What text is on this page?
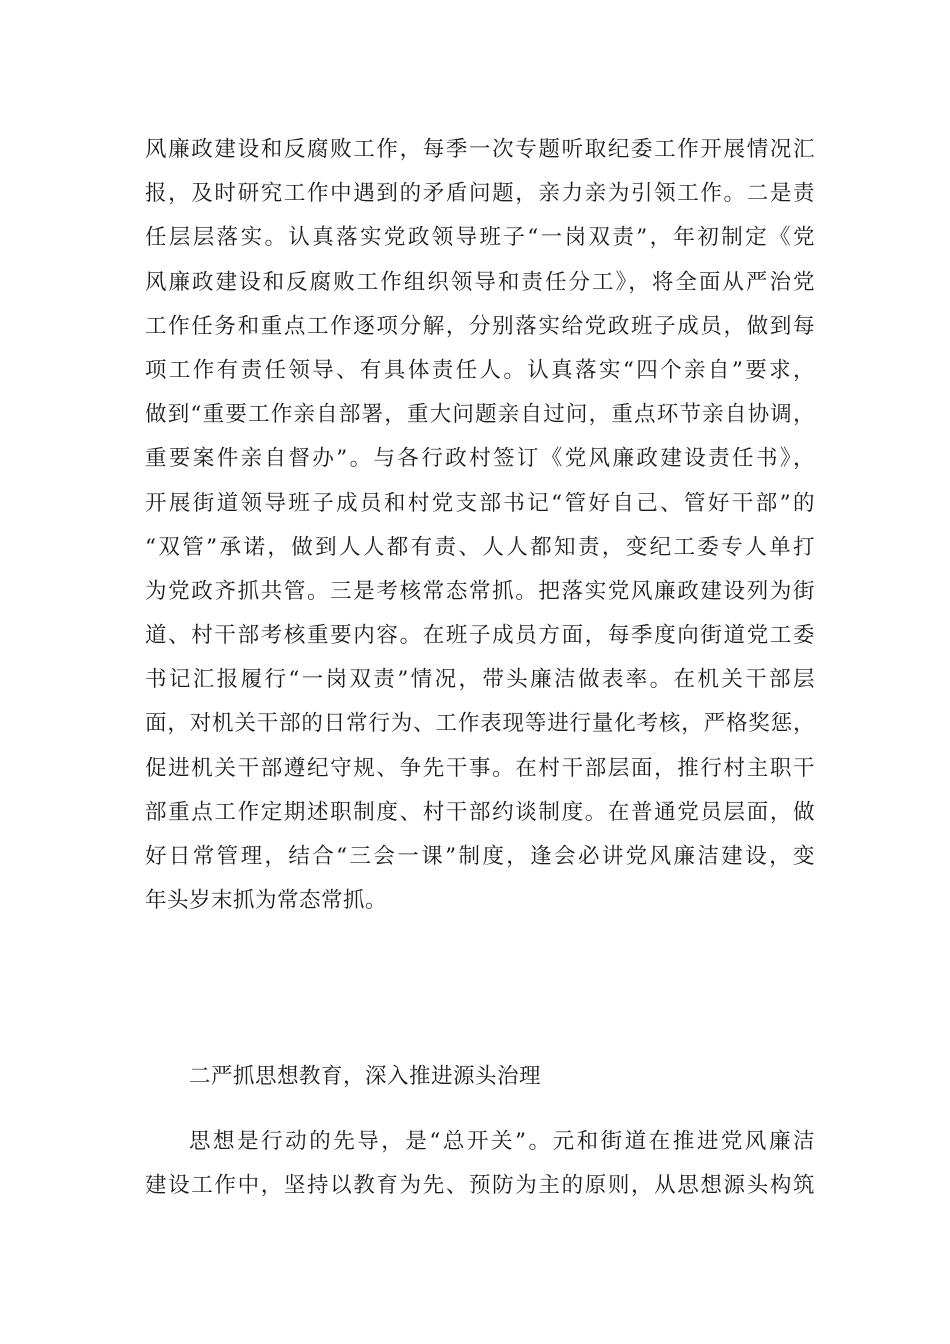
风廉政建设和反腐败工作，每季一次专题听取纪委工作开展情况汇
报，及时研究工作中遇到的矛盾问题，亲力亲为引领工作。二是责
任层层落实。认真落实党政领导班子“一岗双责”，年初制定《党
风廉政建设和反腐败工作组织领导和责任分工》，将全面从严治党
工作任务和重点工作逐项分解，分别落实给党政班子成员，做到每
项工作有责任领导、有具体责任人。认真落实“四个亲自”要求，
做到“重要工作亲自部署，重大问题亲自过问，重点环节亲自协调，
重要案件亲自督办”。与各行政村签订《党风廉政建设责任书》，
开展街道领导班子成员和村党支部书记“管好自己、管好干部”的
“双管”承诺，做到人人都有责、人人都知责，变纪工委专人单打
为党政齐抓共管。三是考核常态常抓。把落实党风廉政建设列为街
道、村干部考核重要内容。在班子成员方面，每季度向街道党工委
书记汇报履行“一岗双责”情况，带头廉洁做表率。在机关干部层
面，对机关干部的日常行为、工作表现等进行量化考核，严格奖惩，
促进机关干部遵纪守规、争先干事。在村干部层面，推行村主职干
部重点工作定期述职制度、村干部约谈制度。在普通党员层面，做
好日常管理，结合“三会一课”制度，逢会必讲党风廉洁建设，变
年头岁末抓为常态常抓。
二严抓思想教育，深入推进源头治理
思想是行动的先导，是“总开关”。元和街道在推进党风廉洁
建设工作中，坚持以教育为先、预防为主的原则，从思想源头构筑
